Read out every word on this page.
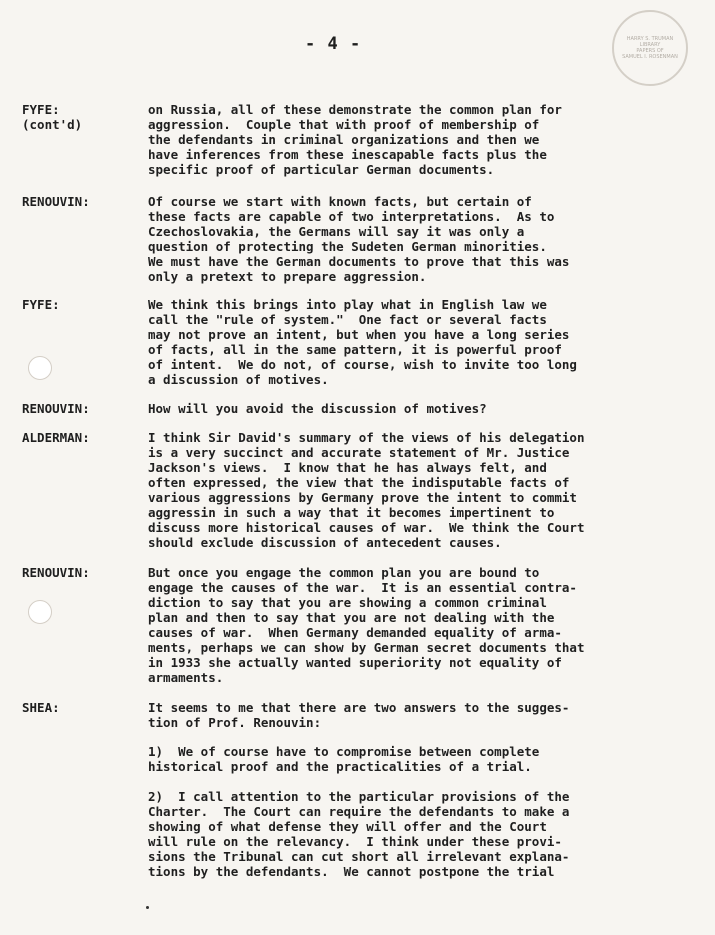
- 4 -	HARRY S. TRUMAN LIBRARY
PAPERS OF
SAMUEL I. ROSENMAN
FYFE:
(cont'd)
on Russia, all of these demonstrate the common plan for
aggression.  Couple that with proof of membership of
the defendants in criminal organizations and then we
have inferences from these inescapable facts plus the
specific proof of particular German documents.
RENOUVIN:	Of course we start with known facts, but certain of
these facts are capable of two interpretations.  As to
Czechoslovakia, the Germans will say it was only a
question of protecting the Sudeten German minorities.
We must have the German documents to prove that this was
only a pretext to prepare aggression.
FYFE:	We think this brings into play what in English law we
call the "rule of system."  One fact or several facts
may not prove an intent, but when you have a long series
of facts, all in the same pattern, it is powerful proof
of intent.  We do not, of course, wish to invite too long
a discussion of motives.
RENOUVIN:	How will you avoid the discussion of motives?
ALDERMAN:	I think Sir David's summary of the views of his delegation
is a very succinct and accurate statement of Mr. Justice
Jackson's views.  I know that he has always felt, and
often expressed, the view that the indisputable facts of
various aggressions by Germany prove the intent to commit
aggressin in such a way that it becomes impertinent to
discuss more historical causes of war.  We think the Court
should exclude discussion of antecedent causes.
RENOUVIN:	But once you engage the common plan you are bound to
engage the causes of the war.  It is an essential contra-
diction to say that you are showing a common criminal
plan and then to say that you are not dealing with the
causes of war.  When Germany demanded equality of arma-
ments, perhaps we can show by German secret documents that
in 1933 she actually wanted superiority not equality of
armaments.
SHEA:	It seems to me that there are two answers to the sugges-
tion of Prof. Renouvin:
1)  We of course have to compromise between complete
historical proof and the practicalities of a trial.
2)  I call attention to the particular provisions of the
Charter.  The Court can require the defendants to make a
showing of what defense they will offer and the Court
will rule on the relevancy.  I think under these provi-
sions the Tribunal can cut short all irrelevant explana-
tions by the defendants.  We cannot postpone the trial
